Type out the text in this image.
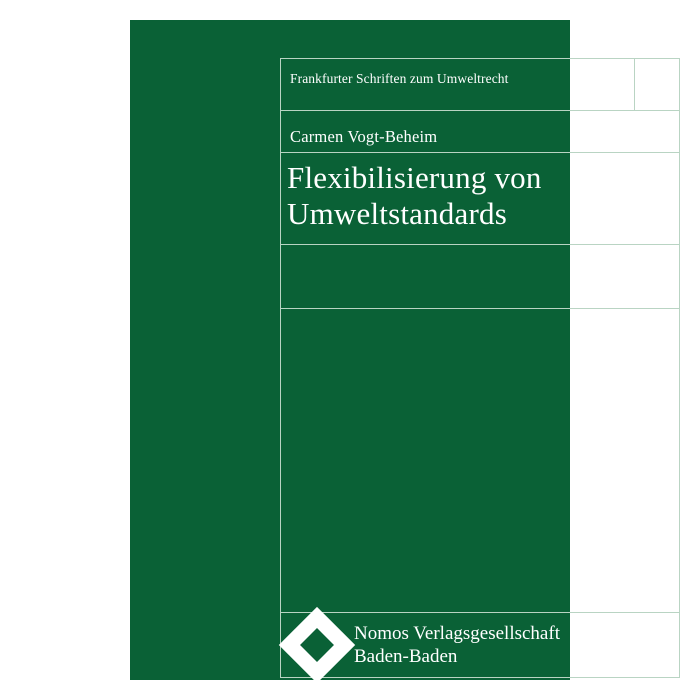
Frankfurter Schriften zum Umweltrecht	35
Carmen Vogt-Beheim
Flexibilisierung von
Umweltstandards
Nomos Verlagsgesellschaft
Baden-Baden
